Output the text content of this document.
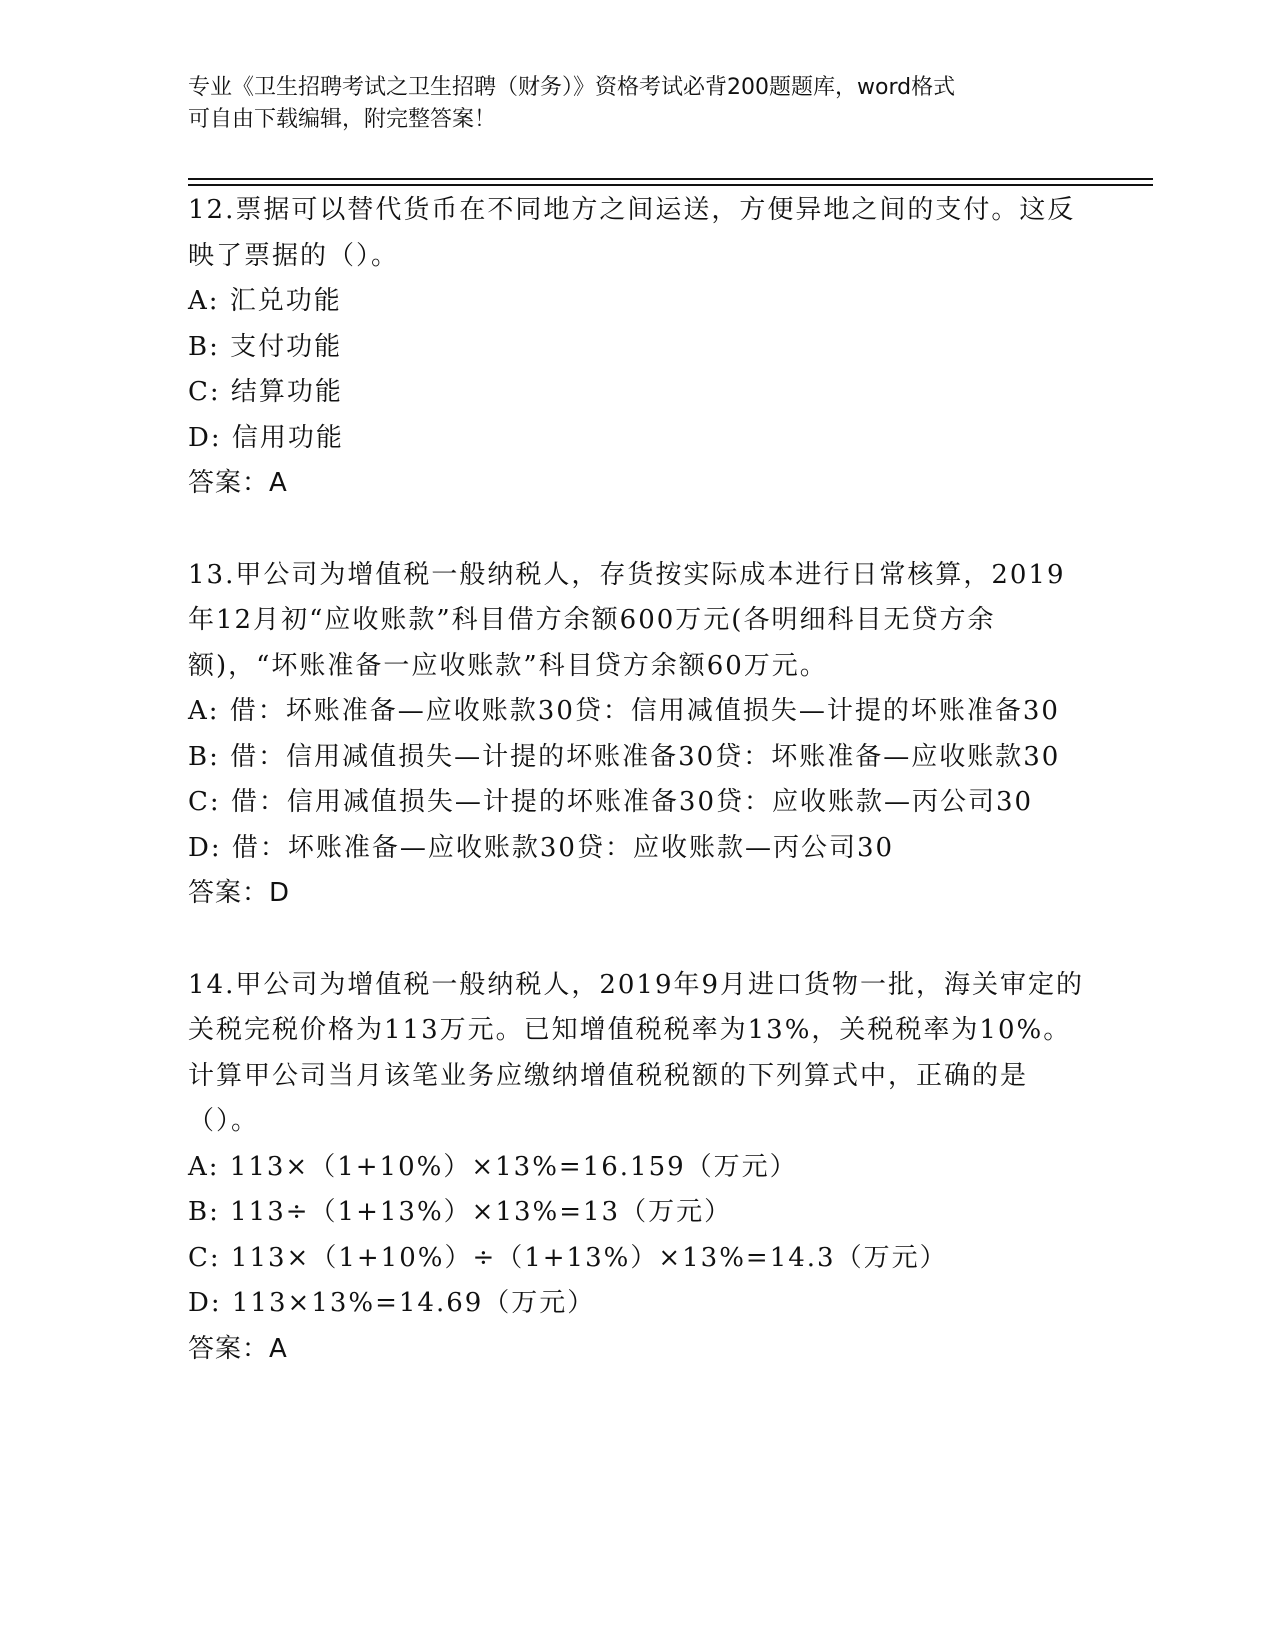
专业《卫生招聘考试之卫生招聘（财务）》资格考试必背200题题库，word格式

可自由下载编辑，附完整答案！

12.票据可以替代货币在不同地方之间运送，方便异地之间的支付。这反映了票据的（）。

A: 汇兑功能

B: 支付功能

C: 结算功能

D: 信用功能

答案：A

13.甲公司为增值税一般纳税人，存货按实际成本进行日常核算，2019年12月初“应收账款”科目借方余额600万元(各明细科目无贷方余额)，“坏账准备一应收账款”科目贷方余额60万元。

A: 借：坏账准备—应收账款30贷：信用减值损失—计提的坏账准备30

B: 借：信用减值损失—计提的坏账准备30贷：坏账准备—应收账款30

C: 借：信用减值损失—计提的坏账准备30贷：应收账款—丙公司30

D: 借：坏账准备—应收账款30贷：应收账款—丙公司30

答案：D

14.甲公司为增值税一般纳税人，2019年9月进口货物一批，海关审定的关税完税价格为113万元。已知增值税税率为13%，关税税率为10%。计算甲公司当月该笔业务应缴纳增值税税额的下列算式中，正确的是（）。

A: 113×（1+10%）×13%=16.159（万元）

B: 113÷（1+13%）×13%=13（万元）

C: 113×（1+10%）÷（1+13%）×13%=14.3（万元）

D: 113×13%=14.69（万元）

答案：A
